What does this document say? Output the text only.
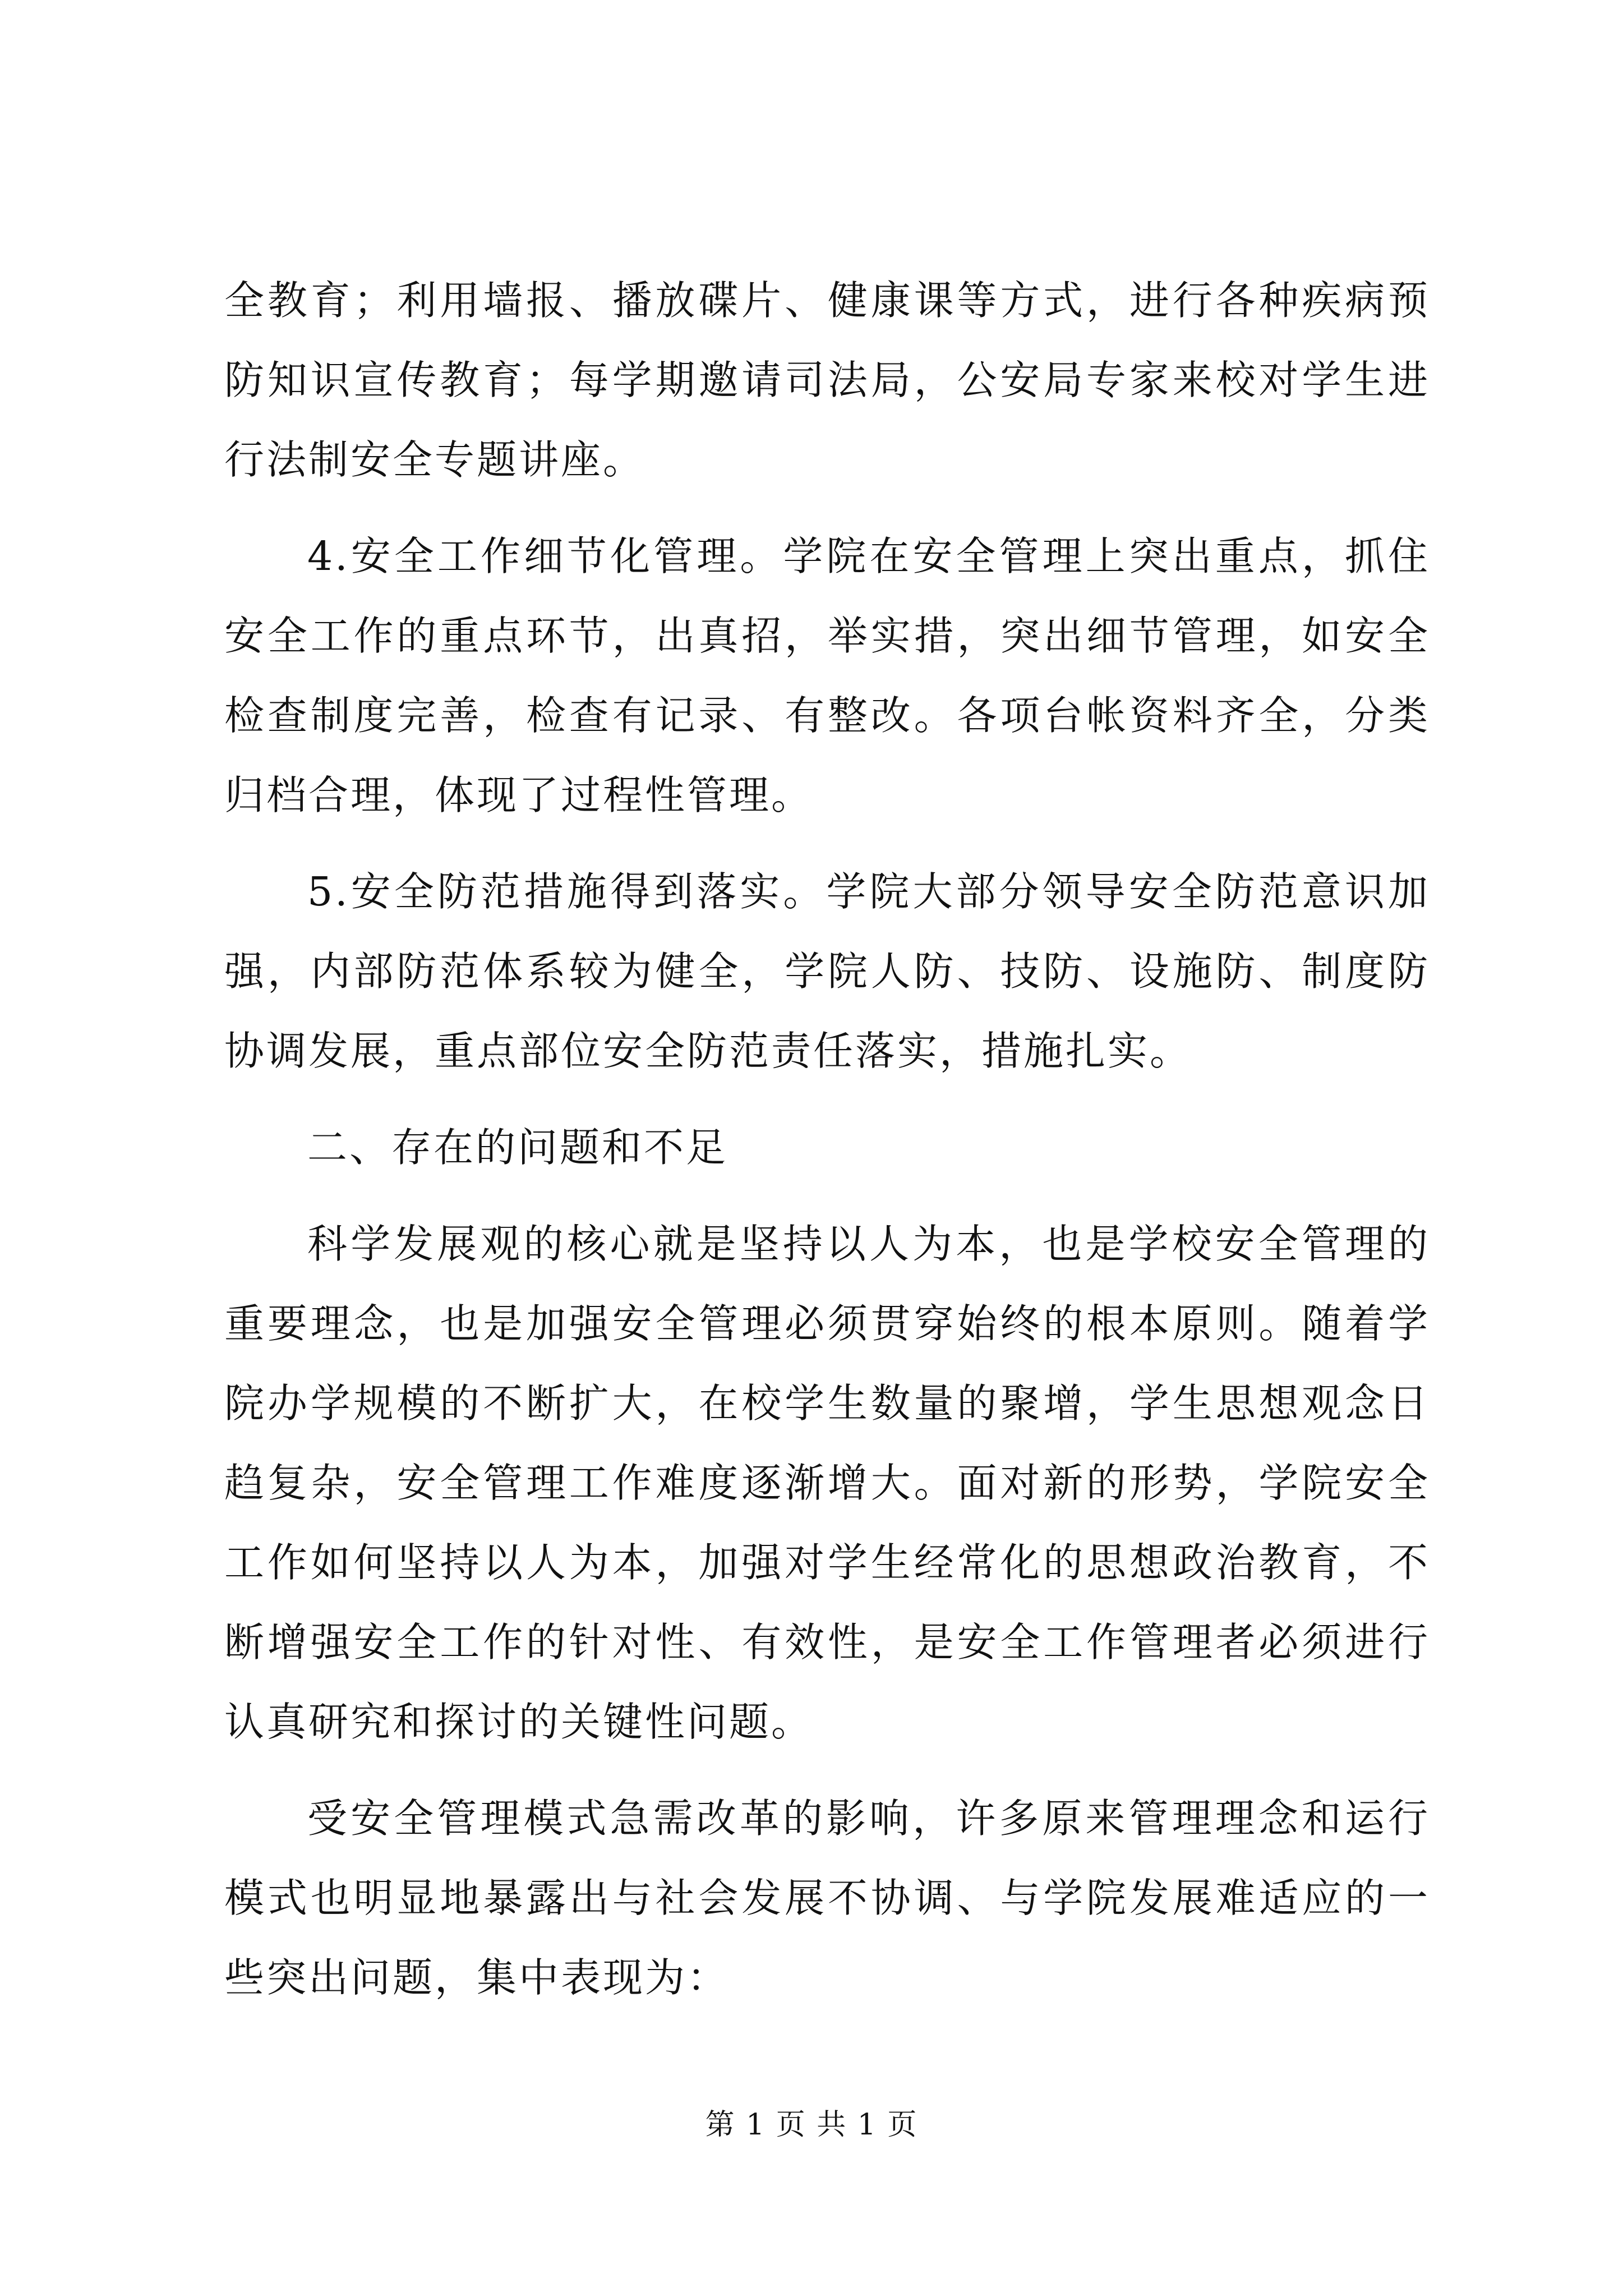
全教育；利用墙报、播放碟片、健康课等方式，进行各种疾病预防知识宣传教育；每学期邀请司法局，公安局专家来校对学生进行法制安全专题讲座。

4.安全工作细节化管理。学院在安全管理上突出重点，抓住安全工作的重点环节，出真招，举实措，突出细节管理，如安全检查制度完善，检查有记录、有整改。各项台帐资料齐全，分类归档合理，体现了过程性管理。

5.安全防范措施得到落实。学院大部分领导安全防范意识加强，内部防范体系较为健全，学院人防、技防、设施防、制度防协调发展，重点部位安全防范责任落实，措施扎实。

二、存在的问题和不足

科学发展观的核心就是坚持以人为本，也是学校安全管理的重要理念，也是加强安全管理必须贯穿始终的根本原则。随着学院办学规模的不断扩大，在校学生数量的聚增，学生思想观念日趋复杂，安全管理工作难度逐渐增大。面对新的形势，学院安全工作如何坚持以人为本，加强对学生经常化的思想政治教育，不断增强安全工作的针对性、有效性，是安全工作管理者必须进行认真研究和探讨的关键性问题。

受安全管理模式急需改革的影响，许多原来管理理念和运行模式也明显地暴露出与社会发展不协调、与学院发展难适应的一些突出问题，集中表现为：

第 1 页 共 1 页
